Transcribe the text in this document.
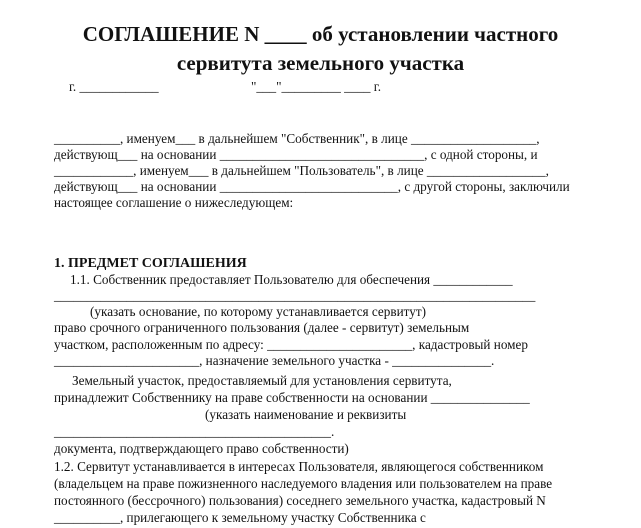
СОГЛАШЕНИЕ N ____ об установлении частного
сервитута земельного участка
г. ____________                            "___"_________ ____ г.
__________, именуем___ в дальнейшем "Собственник", в лице ___________________,
действующ___ на основании _______________________________, с одной стороны, и
____________, именуем___ в дальнейшем "Пользователь", в лице __________________,
действующ___ на основании ___________________________, с другой стороны, заключили
настоящее соглашение о нижеследующем:
1. ПРЕДМЕТ СОГЛАШЕНИЯ
1.1. Собственник предоставляет Пользователю для обеспечения ____________
_________________________________________________________________________
(указать основание, по которому устанавливается сервитут)
право срочного ограниченного пользования (далее - сервитут) земельным
участком, расположенным по адресу: ______________________, кадастровый номер
______________________, назначение земельного участка - _______________.
Земельный участок, предоставляемый для установления сервитута,
принадлежит Собственнику на праве собственности на основании _______________
(указать наименование и реквизиты
__________________________________________.
документа, подтверждающего право собственности)
1.2. Сервитут устанавливается в интересах Пользователя, являющегося собственником
(владельцем на праве пожизненного наследуемого владения или пользователем на праве
постоянного (бессрочного) пользования) соседнего земельного участка, кадастровый N
__________, прилегающего к земельному участку Собственника с
